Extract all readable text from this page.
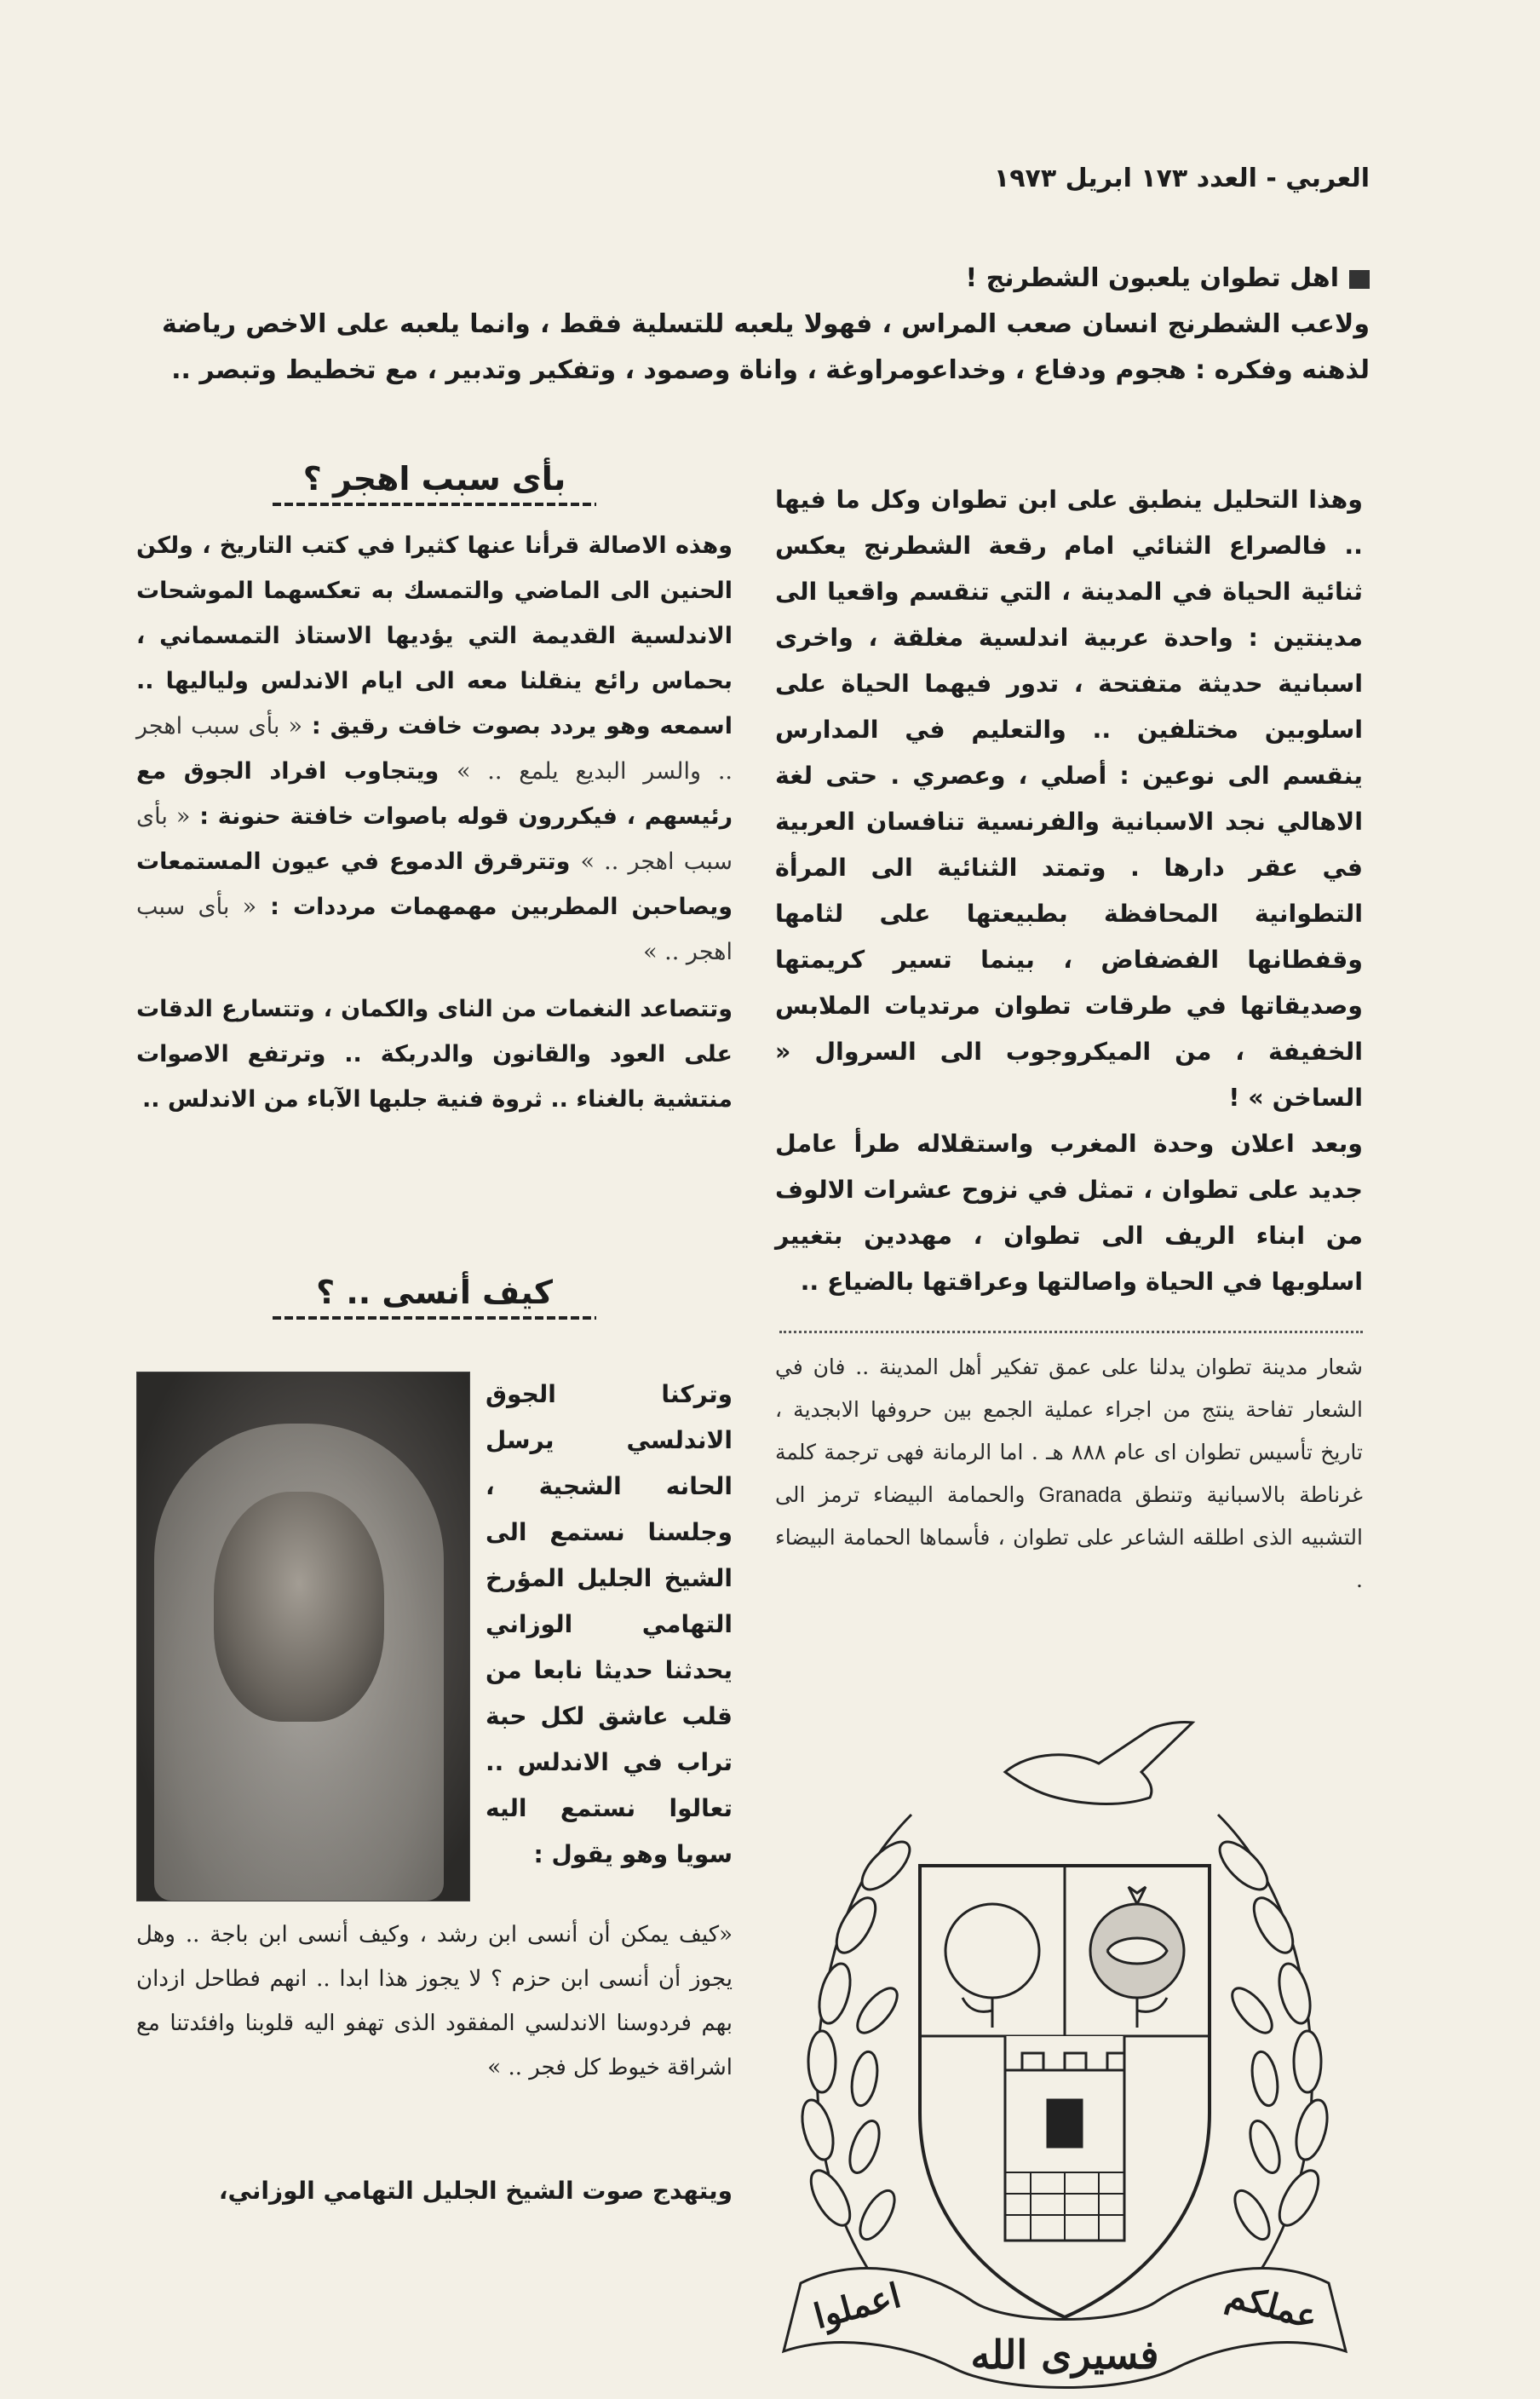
العربي - العدد ١٧٣ ابريل ١٩٧٣
اهل تطوان يلعبون الشطرنج !
ولاعب الشطرنج انسان صعب المراس ، فهولا يلعبه للتسلية فقط ، وانما يلعبه على الاخص رياضة لذهنه وفكره : هجوم ودفاع ، وخداعومراوغة ، واناة وصمود ، وتفكير وتدبير ، مع تخطيط وتبصر ..

وهذا التحليل ينطبق على ابن تطوان وكل ما فيها .. فالصراع الثنائي امام رقعة الشطرنج يعكس ثنائية الحياة في المدينة ، التي تنقسم واقعيا الى مدينتين : واحدة عربية اندلسية مغلقة ، واخرى اسبانية حديثة متفتحة ، تدور فيهما الحياة على اسلوبين مختلفين .. والتعليم في المدارس ينقسم الى نوعين : أصلي ، وعصري . حتى لغة الاهالي نجد الاسبانية والفرنسية تنافسان العربية في عقر دارها . وتمتد الثنائية الى المرأة التطوانية المحافظة بطبيعتها على لثامها وقفطانها الفضفاض ، بينما تسير كريمتها وصديقاتها في طرقات تطوان مرتديات الملابس الخفيفة ، من الميكروجوب الى السروال « الساخن » !

وبعد اعلان وحدة المغرب واستقلاله طرأ عامل جديد على تطوان ، تمثل في نزوح عشرات الالوف من ابناء الريف الى تطوان ، مهددين بتغيير اسلوبها في الحياة واصالتها وعراقتها بالضياع ..

بأى سبب اهجر ؟

وهذه الاصالة قرأنا عنها كثيرا في كتب التاريخ ، ولكن الحنين الى الماضي والتمسك به تعكسهما الموشحات الاندلسية القديمة التي يؤديها الاستاذ التمسماني ، بحماس رائع ينقلنا معه الى ايام الاندلس ولياليها .. اسمعه وهو يردد بصوت خافت رقيق : « بأى سبب اهجر .. والسر البديع يلمع .. » ويتجاوب افراد الجوق مع رئيسهم ، فيكررون قوله باصوات خافتة حنونة : « بأى سبب اهجر .. » وتترقرق الدموع في عيون المستمعات ويصاحبن المطربين مهمهمات مرددات : « بأى سبب اهجر .. »

وتتصاعد النغمات من الناى والكمان ، وتتسارع الدقات على العود والقانون والدربكة .. وترتفع الاصوات منتشية بالغناء .. ثروة فنية جلبها الآباء من الاندلس ..

كيف أنسى .. ؟
وتركنا الجوق الاندلسي يرسل الحانه الشجية ، وجلسنا نستمع الى الشيخ الجليل المؤرخ التهامي الوزاني يحدثنا حديثا نابعا من قلب عاشق لكل حبة تراب في الاندلس .. تعالوا نستمع اليه سويا وهو يقول :
«كيف يمكن أن أنسى ابن رشد ، وكيف أنسى ابن باجة .. وهل يجوز أن أنسى ابن حزم ؟ لا يجوز هذا ابدا .. انهم فطاحل ازدان بهم فردوسنا الاندلسي المفقود الذى تهفو اليه قلوبنا وافئدتنا مع اشراقة خيوط كل فجر .. »
ويتهدج صوت الشيخ الجليل التهامي الوزاني،
شعار مدينة تطوان يدلنا على عمق تفكير أهل المدينة .. فان في الشعار تفاحة ينتج من اجراء عملية الجمع بين حروفها الابجدية ، تاريخ تأسيس تطوان اى عام ٨٨٨ هـ . اما الرمانة فهى ترجمة كلمة غرناطة بالاسبانية وتنطق Granada والحمامة البيضاء ترمز الى التشبيه الذى اطلقه الشاعر على تطوان ، فأسماها الحمامة البيضاء .
اعملوا	عملكم
فسيرى الله
